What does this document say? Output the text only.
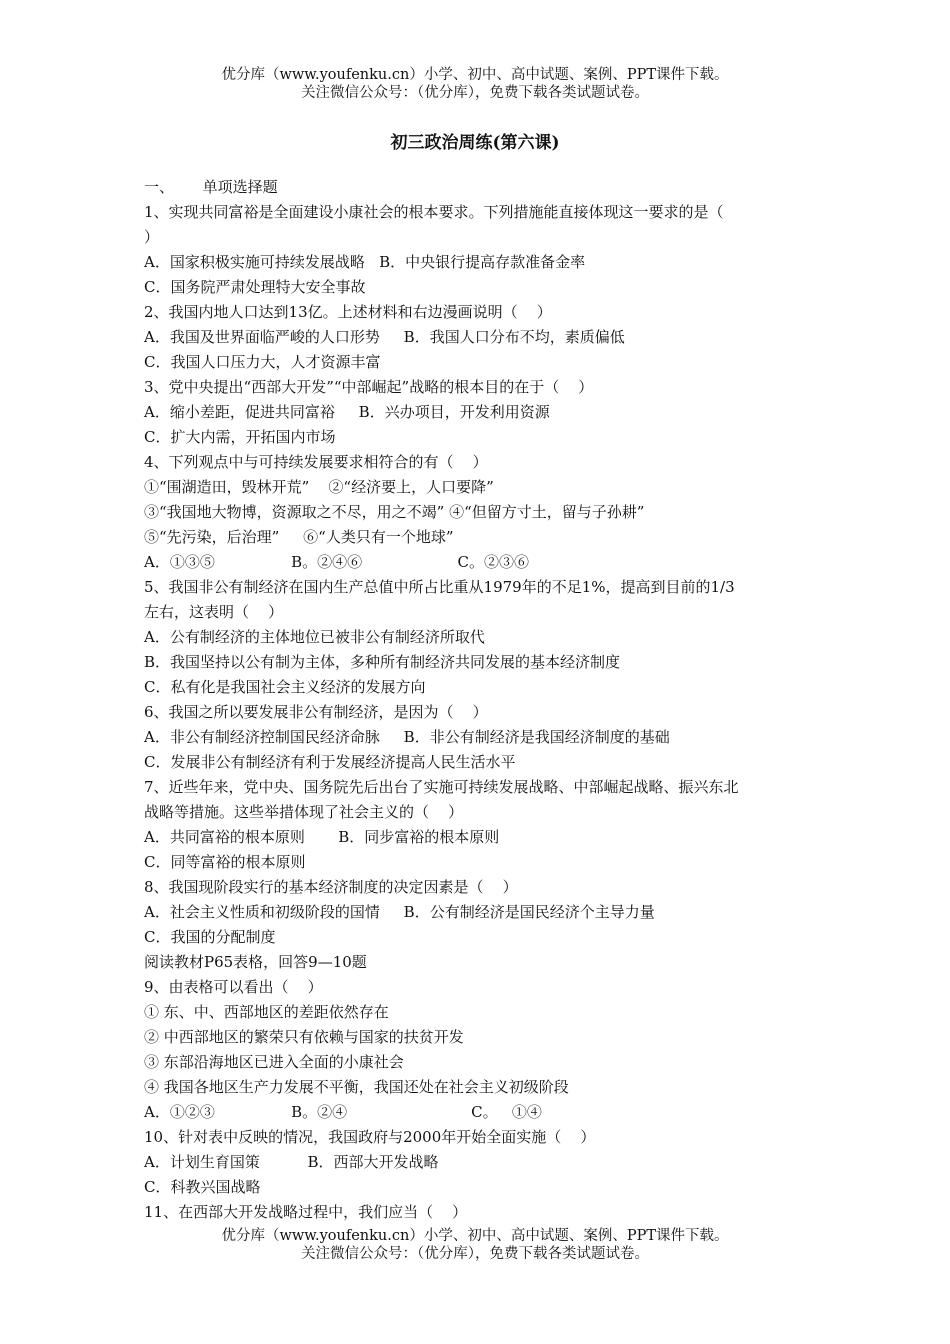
优分库（www.youfenku.cn）小学、初中、高中试题、案例、PPT课件下载。
关注微信公众号：（优分库），免费下载各类试题试卷。
初三政治周练(第六课)
一、      单项选择题
1、实现共同富裕是全面建设小康社会的根本要求。下列措施能直接体现这一要求的是（
）
A．国家积极实施可持续发展战略   B．中央银行提高存款准备金率
C．国务院严肃处理特大安全事故
2、我国内地人口达到13亿。上述材料和右边漫画说明（    ）
A．我国及世界面临严峻的人口形势     B．我国人口分布不均，素质偏低
C．我国人口压力大，人才资源丰富
3、党中央提出“西部大开发”“中部崛起”战略的根本目的在于（    ）
A．缩小差距，促进共同富裕     B．兴办项目，开发利用资源
C．扩大内需，开拓国内市场
4、下列观点中与可持续发展要求相符合的有（    ）
①“围湖造田，毁林开荒”    ②“经济要上，人口要降”
③“我国地大物博，资源取之不尽，用之不竭” ④“但留方寸土，留与子孙耕”
⑤“先污染，后治理”     ⑥“人类只有一个地球”
A．①③⑤                B。②④⑥                    C。②③⑥
5、我国非公有制经济在国内生产总值中所占比重从1979年的不足1%，提高到目前的1/3
左右，这表明（    ）
A．公有制经济的主体地位已被非公有制经济所取代
B．我国坚持以公有制为主体，多种所有制经济共同发展的基本经济制度
C．私有化是我国社会主义经济的发展方向
6、我国之所以要发展非公有制经济，是因为（    ）
A．非公有制经济控制国民经济命脉     B．非公有制经济是我国经济制度的基础
C．发展非公有制经济有利于发展经济提高人民生活水平
7、近些年来，党中央、国务院先后出台了实施可持续发展战略、中部崛起战略、振兴东北
战略等措施。这些举措体现了社会主义的（    ）
A．共同富裕的根本原则       B．同步富裕的根本原则
C．同等富裕的根本原则
8、我国现阶段实行的基本经济制度的决定因素是（    ）
A．社会主义性质和初级阶段的国情     B．公有制经济是国民经济个主导力量
C．我国的分配制度
阅读教材P65表格，回答9—10题
9、由表格可以看出（    ）
① 东、中、西部地区的差距依然存在
② 中西部地区的繁荣只有依赖与国家的扶贫开发
③ 东部沿海地区已进入全面的小康社会
④ 我国各地区生产力发展不平衡，我国还处在社会主义初级阶段
A．①②③                B。②④                          C。   ①④
10、针对表中反映的情况，我国政府与2000年开始全面实施（    ）
A．计划生育国策          B．西部大开发战略
C．科教兴国战略
11、在西部大开发战略过程中，我们应当（    ）
优分库（www.youfenku.cn）小学、初中、高中试题、案例、PPT课件下载。
关注微信公众号：（优分库），免费下载各类试题试卷。
